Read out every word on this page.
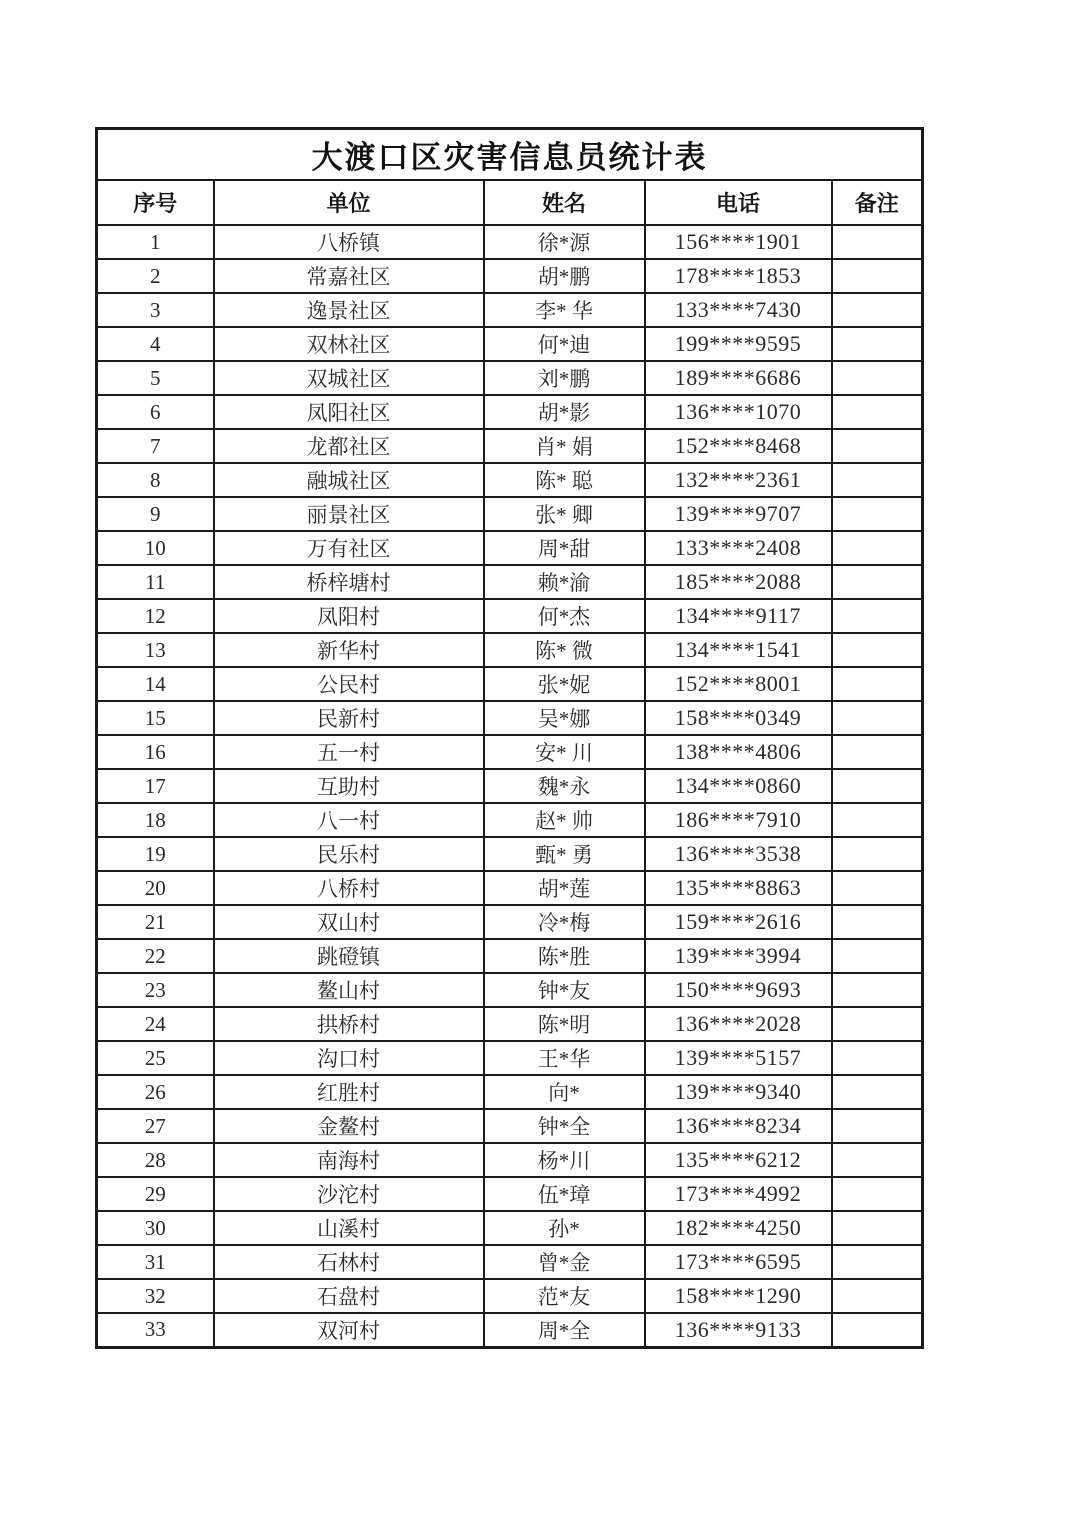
大渡口区灾害信息员统计表				
序号	单位	姓名	电话	备注
1	八桥镇	徐*源	156****1901	
2	常嘉社区	胡*鹏	178****1853	
3	逸景社区	李* 华	133****7430	
4	双林社区	何*迪	199****9595	
5	双城社区	刘*鹏	189****6686	
6	凤阳社区	胡*影	136****1070	
7	龙都社区	肖* 娟	152****8468	
8	融城社区	陈* 聪	132****2361	
9	丽景社区	张* 卿	139****9707	
10	万有社区	周*甜	133****2408	
11	桥梓塘村	赖*渝	185****2088	
12	凤阳村	何*杰	134****9117	
13	新华村	陈* 微	134****1541	
14	公民村	张*妮	152****8001	
15	民新村	吴*娜	158****0349	
16	五一村	安* 川	138****4806	
17	互助村	魏*永	134****0860	
18	八一村	赵* 帅	186****7910	
19	民乐村	甄* 勇	136****3538	
20	八桥村	胡*莲	135****8863	
21	双山村	冷*梅	159****2616	
22	跳磴镇	陈*胜	139****3994	
23	鳌山村	钟*友	150****9693	
24	拱桥村	陈*明	136****2028	
25	沟口村	王*华	139****5157	
26	红胜村	向*	139****9340	
27	金鳌村	钟*全	136****8234	
28	南海村	杨*川	135****6212	
29	沙沱村	伍*璋	173****4992	
30	山溪村	孙*	182****4250	
31	石林村	曾*金	173****6595	
32	石盘村	范*友	158****1290	
33	双河村	周*全	136****9133	
